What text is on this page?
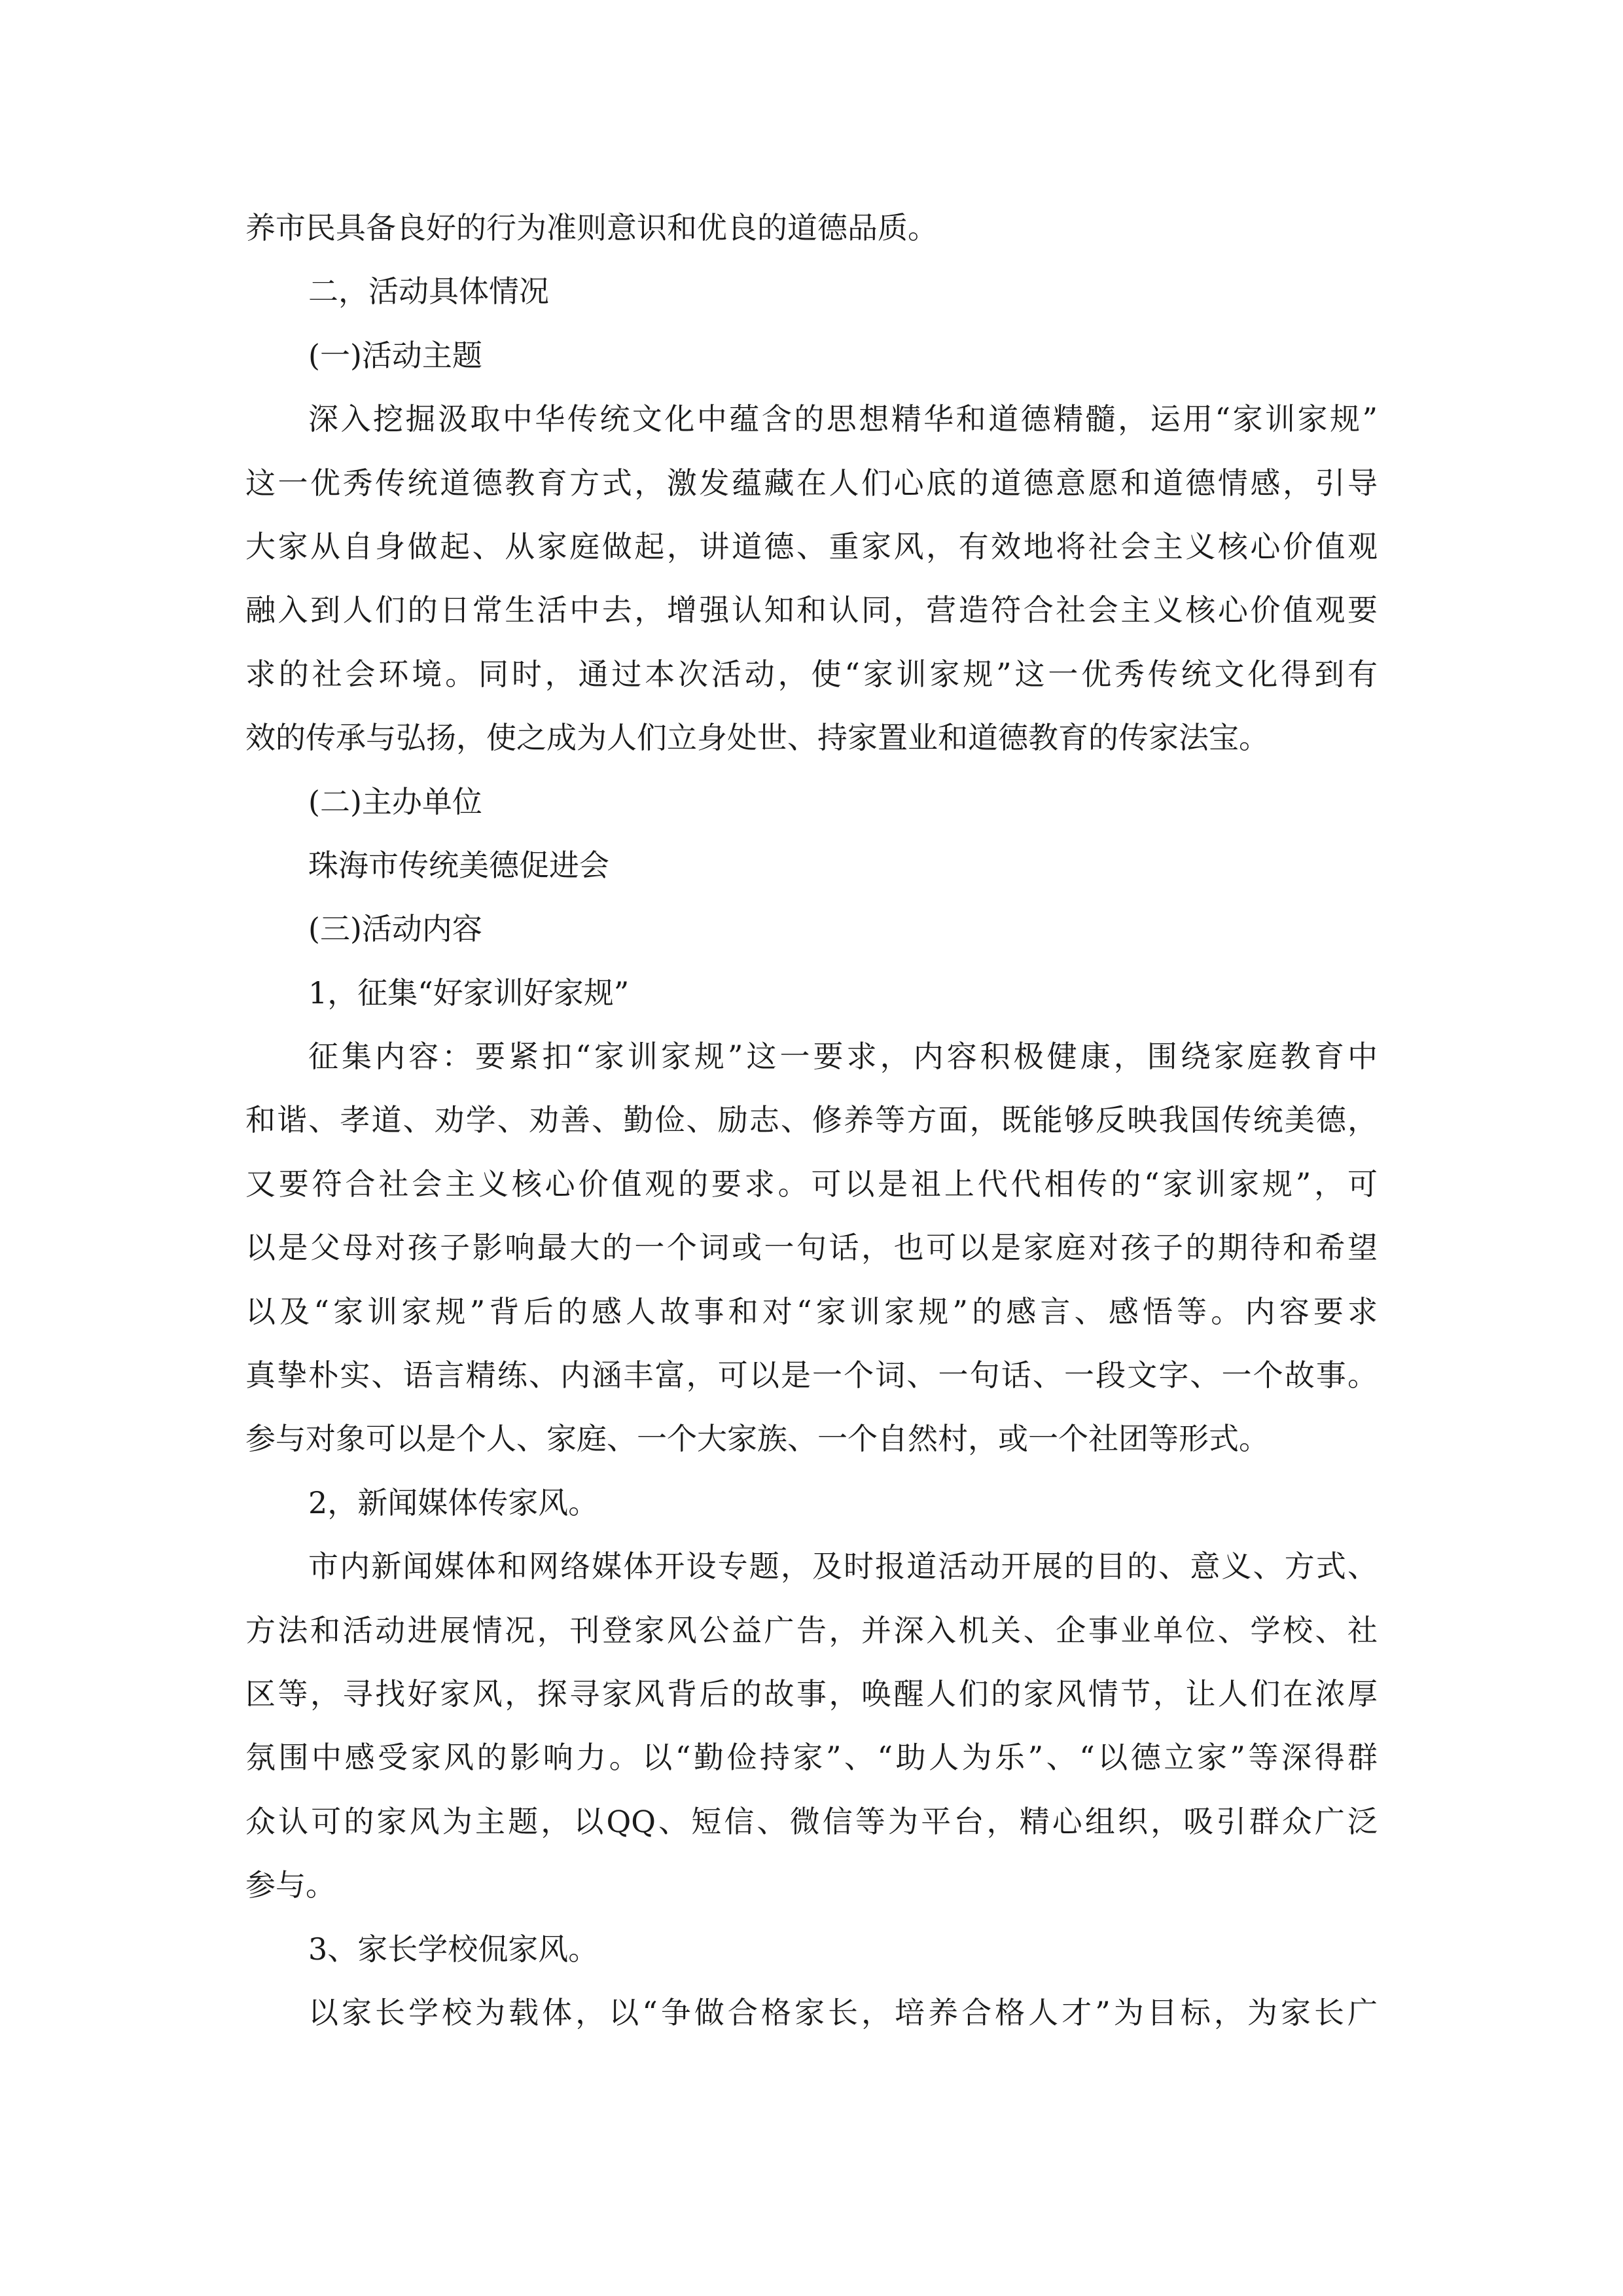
养市民具备良好的行为准则意识和优良的道德品质。
二，活动具体情况
(一)活动主题
深入挖掘汲取中华传统文化中蕴含的思想精华和道德精髓，运用“家训家规”
这一优秀传统道德教育方式，激发蕴藏在人们心底的道德意愿和道德情感，引导
大家从自身做起、从家庭做起，讲道德、重家风，有效地将社会主义核心价值观
融入到人们的日常生活中去，增强认知和认同，营造符合社会主义核心价值观要
求的社会环境。同时，通过本次活动，使“家训家规”这一优秀传统文化得到有
效的传承与弘扬，使之成为人们立身处世、持家置业和道德教育的传家法宝。
(二)主办单位
珠海市传统美德促进会
(三)活动内容
1，征集“好家训好家规”
征集内容：要紧扣“家训家规”这一要求，内容积极健康，围绕家庭教育中
和谐、孝道、劝学、劝善、勤俭、励志、修养等方面，既能够反映我国传统美德，
又要符合社会主义核心价值观的要求。可以是祖上代代相传的“家训家规”，可
以是父母对孩子影响最大的一个词或一句话，也可以是家庭对孩子的期待和希望
以及“家训家规”背后的感人故事和对“家训家规”的感言、感悟等。内容要求
真挚朴实、语言精练、内涵丰富，可以是一个词、一句话、一段文字、一个故事。
参与对象可以是个人、家庭、一个大家族、一个自然村，或一个社团等形式。
2，新闻媒体传家风。
市内新闻媒体和网络媒体开设专题，及时报道活动开展的目的、意义、方式、
方法和活动进展情况，刊登家风公益广告，并深入机关、企事业单位、学校、社
区等，寻找好家风，探寻家风背后的故事，唤醒人们的家风情节，让人们在浓厚
氛围中感受家风的影响力。以“勤俭持家”、“助人为乐”、“以德立家”等深得群
众认可的家风为主题，以QQ、短信、微信等为平台，精心组织，吸引群众广泛
参与。
3、家长学校侃家风。
以家长学校为载体，以“争做合格家长，培养合格人才”为目标，为家长广
